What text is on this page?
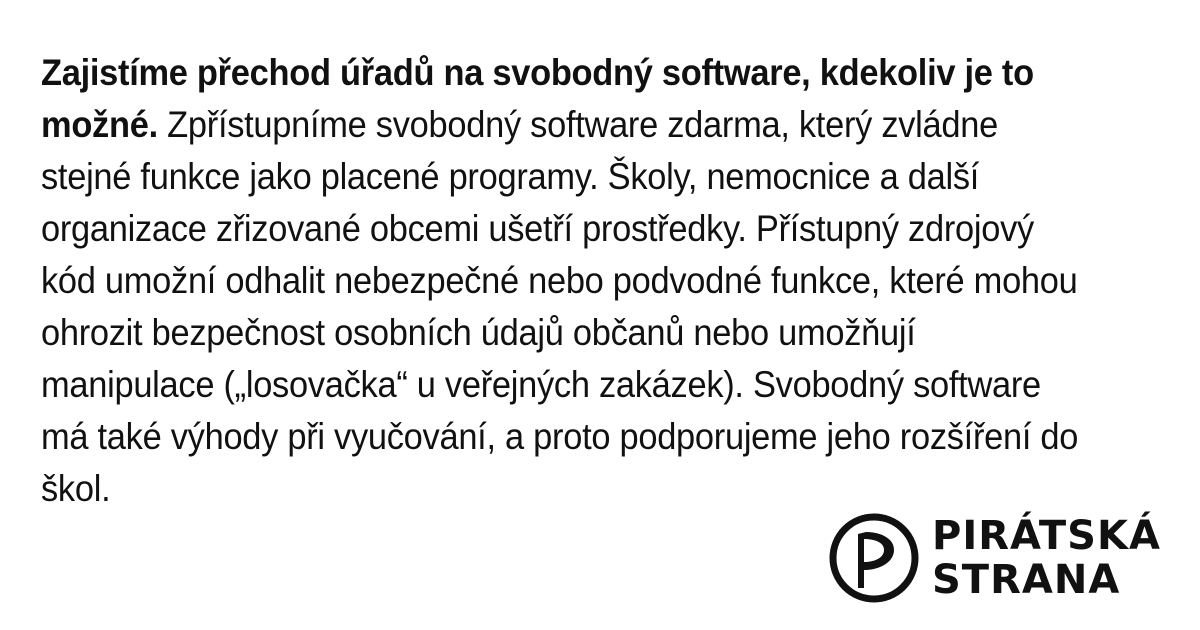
Zajistíme přechod úřadů na svobodný software, kdekoliv je to možné. Zpřístupníme svobodný software zdarma, který zvládne stejné funkce jako placené programy. Školy, nemocnice a další organizace zřizované obcemi ušetří prostředky. Přístupný zdrojový kód umožní odhalit nebezpečné nebo podvodné funkce, které mohou ohrozit bezpečnost osobních údajů občanů nebo umožňují manipulace („losovačka“ u veřejných zakázek). Svobodný software má také výhody při vyučování, a proto podporujeme jeho rozšíření do škol.
PIRÁTSKÁ
STRANA
